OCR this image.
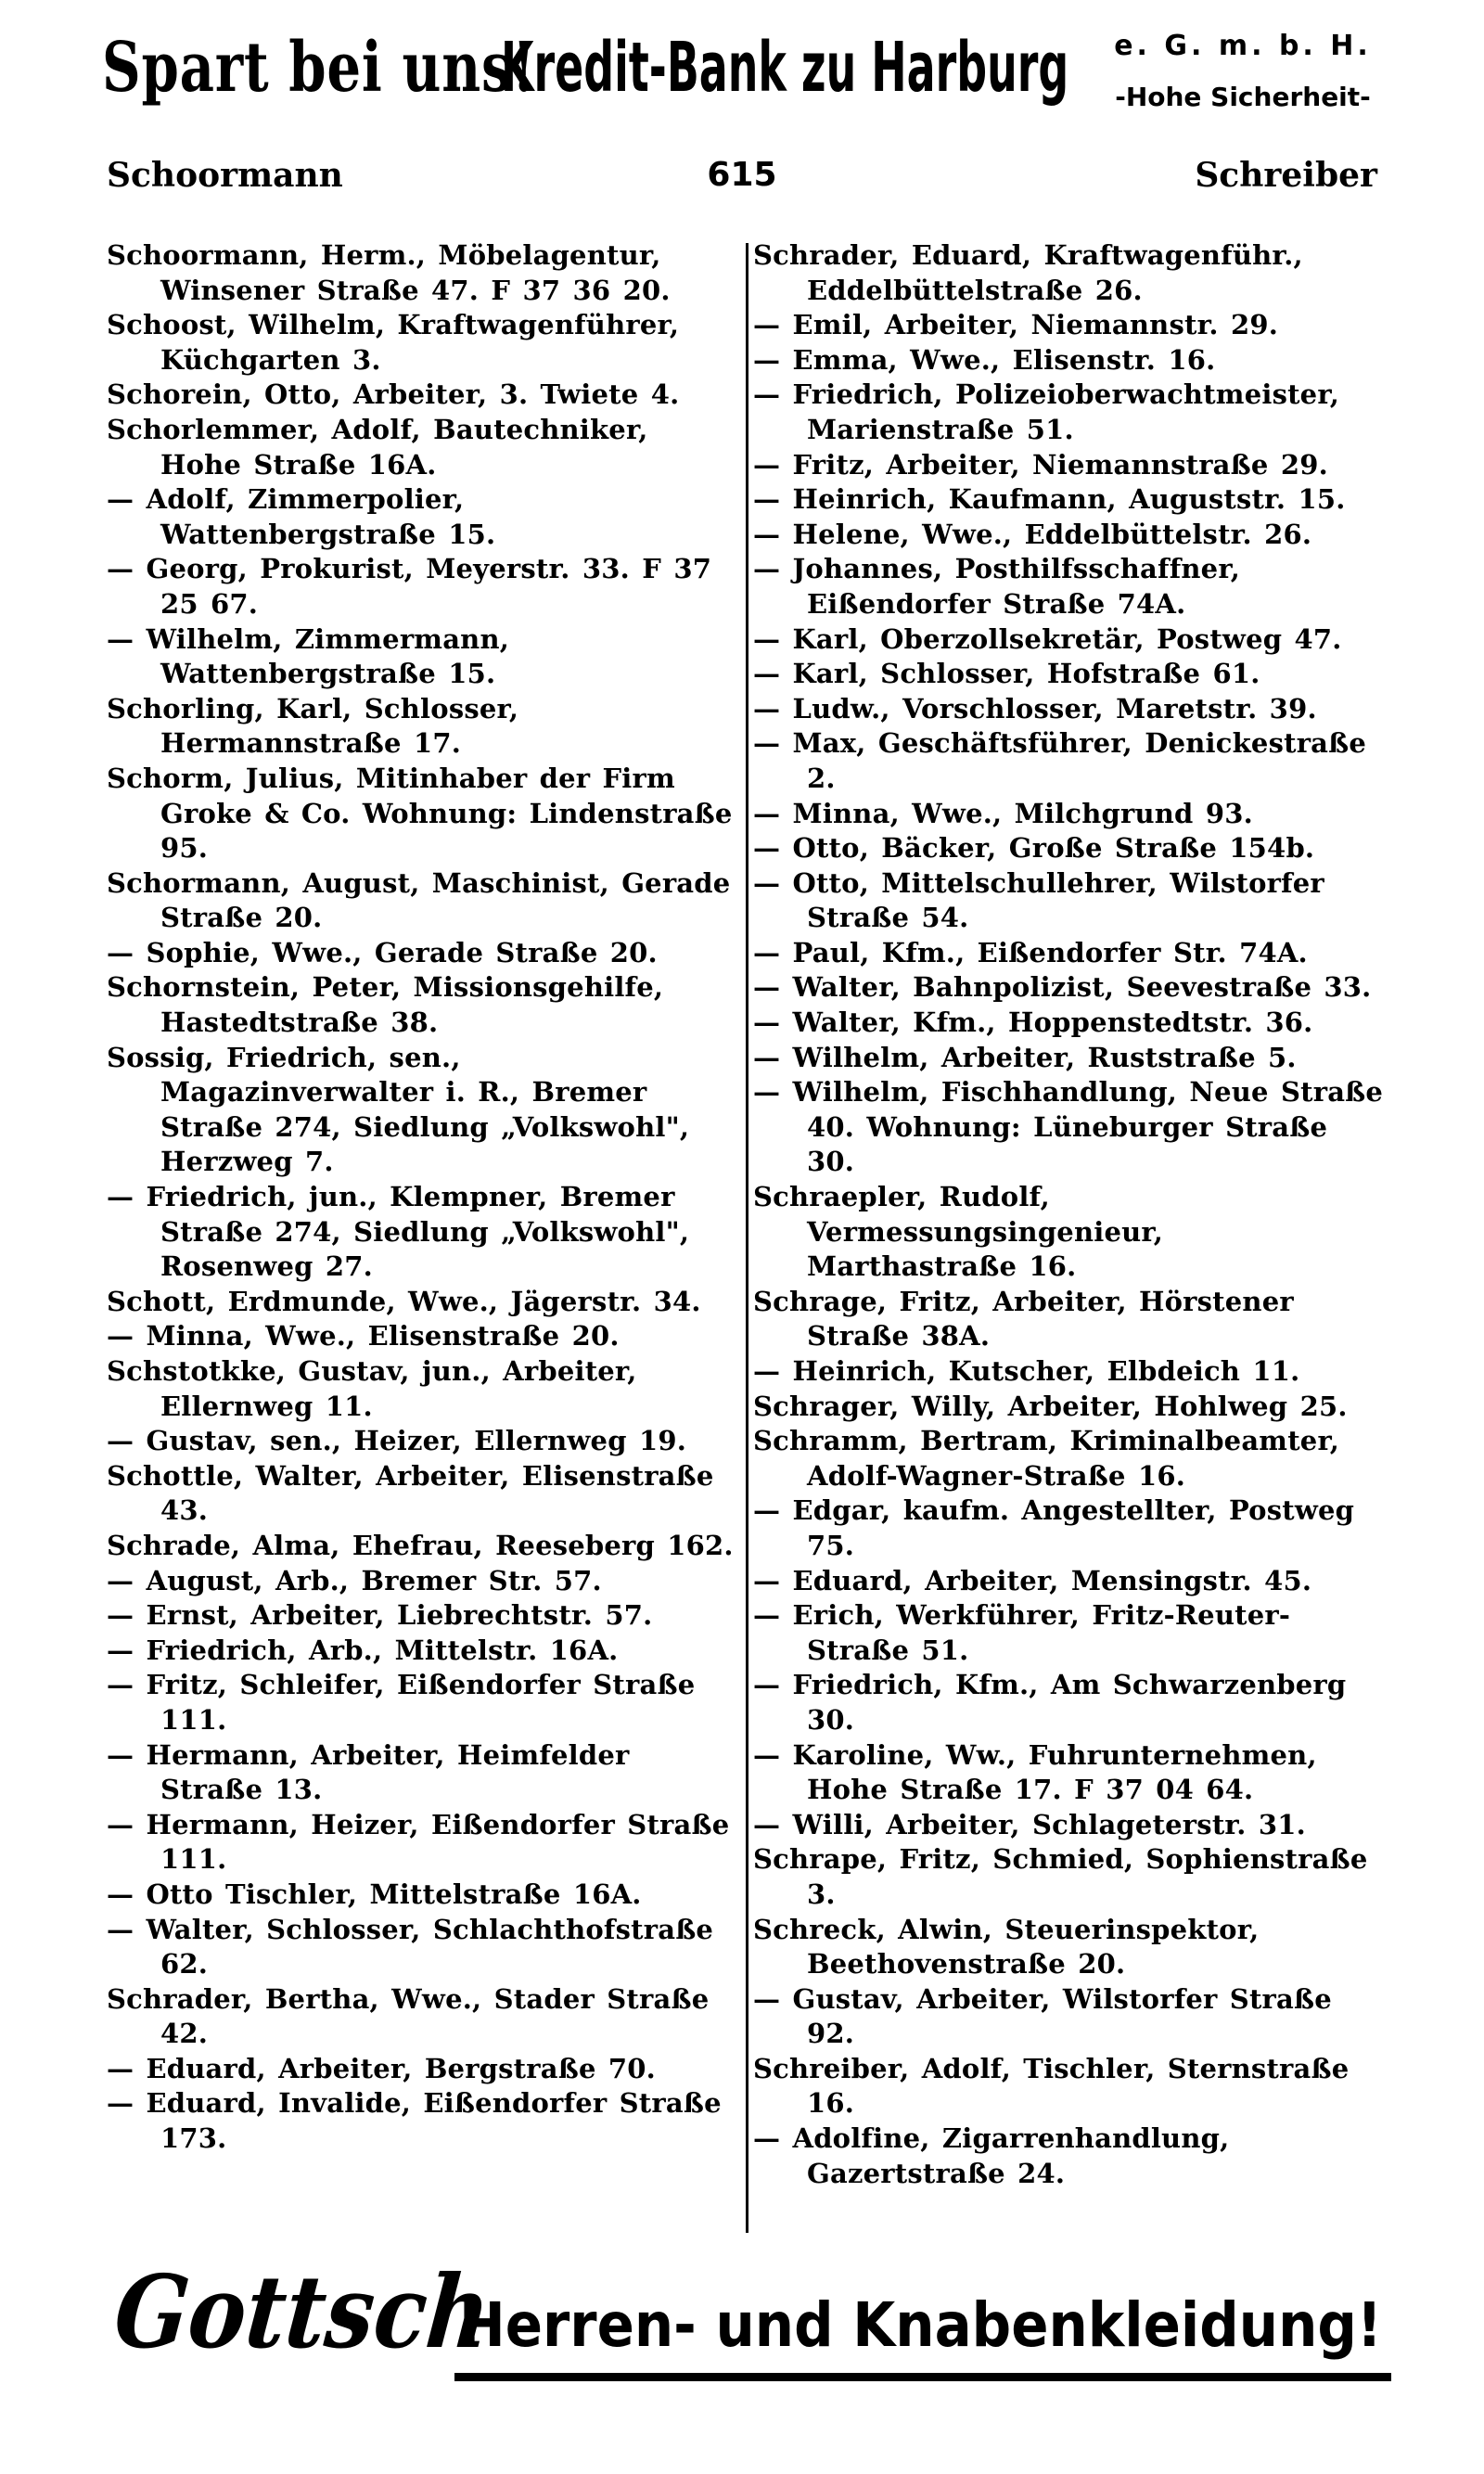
Spart bei uns!
Kredit-Bank zu Harburg	e. G. m. b. H.
-Hohe Sicherheit-
Schoormann	615	Schreiber

Schoormann, Herm., Möbelagentur, Winsener Straße 47. F 37 36 20.

Schoost, Wilhelm, Kraftwagenführer, Küchgarten 3.

Schorein, Otto, Arbeiter, 3. Twiete 4.

Schorlemmer, Adolf, Bautechniker, Hohe Straße 16A.

— Adolf, Zimmerpolier, Wattenbergstraße 15.

— Georg, Prokurist, Meyerstr. 33. F 37 25 67.

— Wilhelm, Zimmermann, Wattenbergstraße 15.

Schorling, Karl, Schlosser, Hermannstraße 17.

Schorm, Julius, Mitinhaber der Firm Groke & Co. Wohnung: Lindenstraße 95.

Schormann, August, Maschinist, Gerade Straße 20.

— Sophie, Wwe., Gerade Straße 20.

Schornstein, Peter, Missionsgehilfe, Hastedtstraße 38.

Sossig, Friedrich, sen., Magazinverwalter i. R., Bremer Straße 274, Siedlung „Volkswohl", Herzweg 7.

— Friedrich, jun., Klempner, Bremer Straße 274, Siedlung „Volkswohl", Rosenweg 27.

Schott, Erdmunde, Wwe., Jägerstr. 34.

— Minna, Wwe., Elisenstraße 20.

Schstotkke, Gustav, jun., Arbeiter, Ellernweg 11.

— Gustav, sen., Heizer, Ellernweg 19.

Schottle, Walter, Arbeiter, Elisenstraße 43.

Schrade, Alma, Ehefrau, Reeseberg 162.

— August, Arb., Bremer Str. 57.

— Ernst, Arbeiter, Liebrechtstr. 57.

— Friedrich, Arb., Mittelstr. 16A.

— Fritz, Schleifer, Eißendorfer Straße 111.

— Hermann, Arbeiter, Heimfelder Straße 13.

— Hermann, Heizer, Eißendorfer Straße 111.

— Otto Tischler, Mittelstraße 16A.

— Walter, Schlosser, Schlachthofstraße 62.

Schrader, Bertha, Wwe., Stader Straße 42.

— Eduard, Arbeiter, Bergstraße 70.

— Eduard, Invalide, Eißendorfer Straße 173.

Schrader, Eduard, Kraftwagenführ., Eddelbüttelstraße 26.

— Emil, Arbeiter, Niemannstr. 29.

— Emma, Wwe., Elisenstr. 16.

— Friedrich, Polizeioberwachtmeister, Marienstraße 51.

— Fritz, Arbeiter, Niemannstraße 29.

— Heinrich, Kaufmann, Auguststr. 15.

— Helene, Wwe., Eddelbüttelstr. 26.

— Johannes, Posthilfsschaffner, Eißendorfer Straße 74A.

— Karl, Oberzollsekretär, Postweg 47.

— Karl, Schlosser, Hofstraße 61.

— Ludw., Vorschlosser, Maretstr. 39.

— Max, Geschäftsführer, Denickestraße 2.

— Minna, Wwe., Milchgrund 93.

— Otto, Bäcker, Große Straße 154b.

— Otto, Mittelschullehrer, Wilstorfer Straße 54.

— Paul, Kfm., Eißendorfer Str. 74A.

— Walter, Bahnpolizist, Seevestraße 33.

— Walter, Kfm., Hoppenstedtstr. 36.

— Wilhelm, Arbeiter, Ruststraße 5.

— Wilhelm, Fischhandlung, Neue Straße 40. Wohnung: Lüneburger Straße 30.

Schraepler, Rudolf, Vermessungsingenieur, Marthastraße 16.

Schrage, Fritz, Arbeiter, Hörstener Straße 38A.

— Heinrich, Kutscher, Elbdeich 11.

Schrager, Willy, Arbeiter, Hohlweg 25.

Schramm, Bertram, Kriminalbeamter, Adolf-Wagner-Straße 16.

— Edgar, kaufm. Angestellter, Postweg 75.

— Eduard, Arbeiter, Mensingstr. 45.

— Erich, Werkführer, Fritz-Reuter-Straße 51.

— Friedrich, Kfm., Am Schwarzenberg 30.

— Karoline, Ww., Fuhrunternehmen, Hohe Straße 17. F 37 04 64.

— Willi, Arbeiter, Schlageterstr. 31.

Schrape, Fritz, Schmied, Sophienstraße 3.

Schreck, Alwin, Steuerinspektor, Beethovenstraße 20.

— Gustav, Arbeiter, Wilstorfer Straße 92.

Schreiber, Adolf, Tischler, Sternstraße 16.

— Adolfine, Zigarrenhandlung, Gazertstraße 24.

Gottsch
Herren- und Knabenkleidung!
